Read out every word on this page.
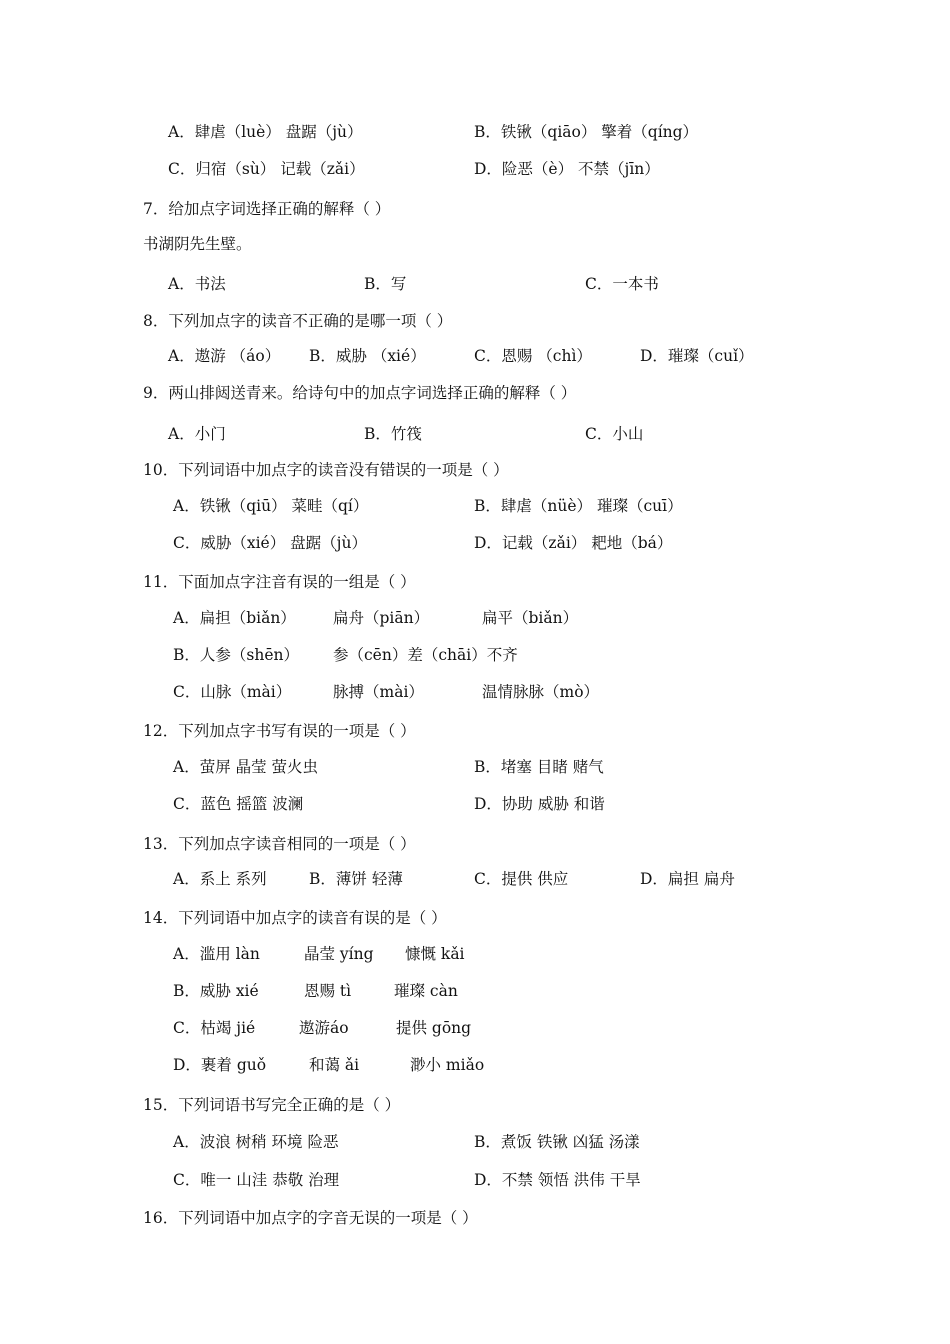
A．肆虐（luè） 盘踞（jù）	B．铁锹（qiāo） 擎着（qíng）
C．归宿（sù） 记载（zǎi）	D．险恶（è） 不禁（jīn）
7．给加点字词选择正确的解释（ ）
书湖阴先生壁。
A．书法	B．写	C．一本书
8．下列加点字的读音不正确的是哪一项（ ）
A．遨游 （áo） B．威胁 （xié）	C．恩赐 （chì）	D．璀璨（cuǐ）
9．两山排闼送青来。给诗句中的加点字词选择正确的解释（ ）
A．小门	B．竹筏	C．小山
10．下列词语中加点字的读音没有错误的一项是（ ）
A．铁锹（qiū） 菜畦（qí）	B．肆虐（nüè） 璀璨（cuī）
C．威胁（xié） 盘踞（jù）	D．记载（zǎi） 耙地（bá）
11．下面加点字注音有误的一组是（ ）
A．扁担（biǎn） 扁舟（piān）	扁平（biǎn）
B．人参（shēn） 参（cēn）差（chāi）不齐
C．山脉（mài）	脉搏（mài）	温情脉脉（mò）
12．下列加点字书写有误的一项是（ ）
A．萤屏 晶莹 萤火虫	B．堵塞 目睹 赌气
C．蓝色 摇篮 波澜	D．协助 威胁 和谐
13．下列加点字读音相同的一项是（ ）
A．系上 系列	B．薄饼 轻薄	C．提供 供应	D．扁担 扁舟
14．下列词语中加点字的读音有误的是（ ）
A．滥用 làn	晶莹 yíng 慷慨 kǎi
B．威胁 xié	恩赐 tì	璀璨 càn
C．枯竭 jié	遨游áo	提供 gōng
D．裹着 guǒ	和蔼 ǎi	渺小 miǎo
15．下列词语书写完全正确的是（ ）
A．波浪 树稍 环境 险恶	B．煮饭 铁锹 凶猛 汤漾
C．唯一 山洼 恭敬 治理	D．不禁 领悟 洪伟 干旱
16．下列词语中加点字的字音无误的一项是（ ）
